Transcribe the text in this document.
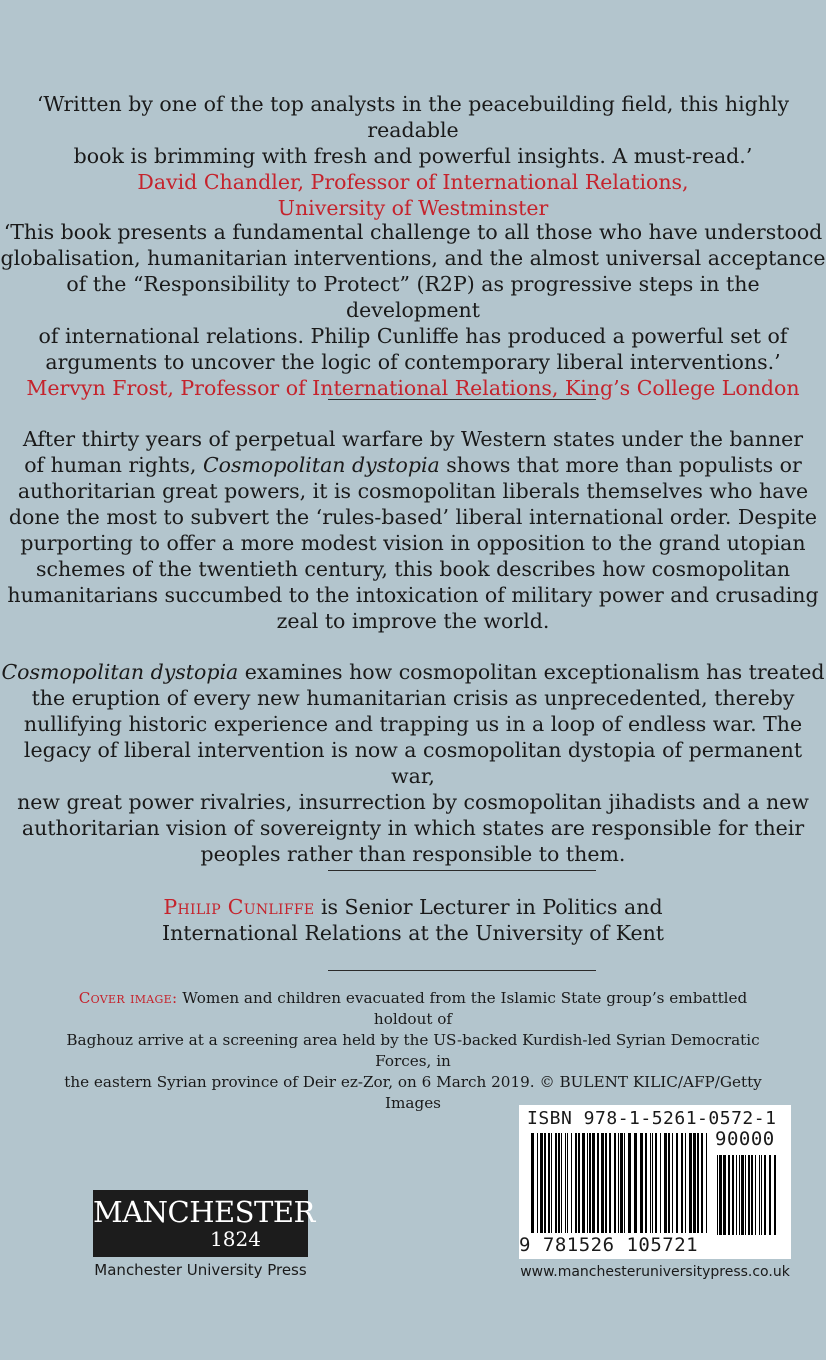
‘Written by one of the top analysts in the peacebuilding field, this highly readable
book is brimming with fresh and powerful insights. A must-read.’
David Chandler, Professor of International Relations,
University of Westminster
‘This book presents a fundamental challenge to all those who have understood
globalisation, humanitarian interventions, and the almost universal acceptance
of the “Responsibility to Protect” (R2P) as progressive steps in the development
of international relations. Philip Cunliffe has produced a powerful set of
arguments to uncover the logic of contemporary liberal interventions.’
Mervyn Frost, Professor of International Relations, King’s College London
After thirty years of perpetual warfare by Western states under the banner
of human rights, Cosmopolitan dystopia shows that more than populists or
authoritarian great powers, it is cosmopolitan liberals themselves who have
done the most to subvert the ‘rules-based’ liberal international order. Despite
purporting to offer a more modest vision in opposition to the grand utopian
schemes of the twentieth century, this book describes how cosmopolitan
humanitarians succumbed to the intoxication of military power and crusading
zeal to improve the world.
Cosmopolitan dystopia examines how cosmopolitan exceptionalism has treated
the eruption of every new humanitarian crisis as unprecedented, thereby
nullifying historic experience and trapping us in a loop of endless war. The
legacy of liberal intervention is now a cosmopolitan dystopia of permanent war,
new great power rivalries, insurrection by cosmopolitan jihadists and a new
authoritarian vision of sovereignty in which states are responsible for their
peoples rather than responsible to them.
Philip Cunliffe is Senior Lecturer in Politics and
International Relations at the University of Kent
Cover image: Women and children evacuated from the Islamic State group’s embattled holdout of
Baghouz arrive at a screening area held by the US-backed Kurdish-led Syrian Democratic Forces, in
the eastern Syrian province of Deir ez-Zor, on 6 March 2019. © BULENT KILIC/AFP/Getty Images
MANCHESTER
1824
Manchester University Press
ISBN 978-1-5261-0572-1
90000
9 781526 105721
www.manchesteruniversitypress.co.uk
